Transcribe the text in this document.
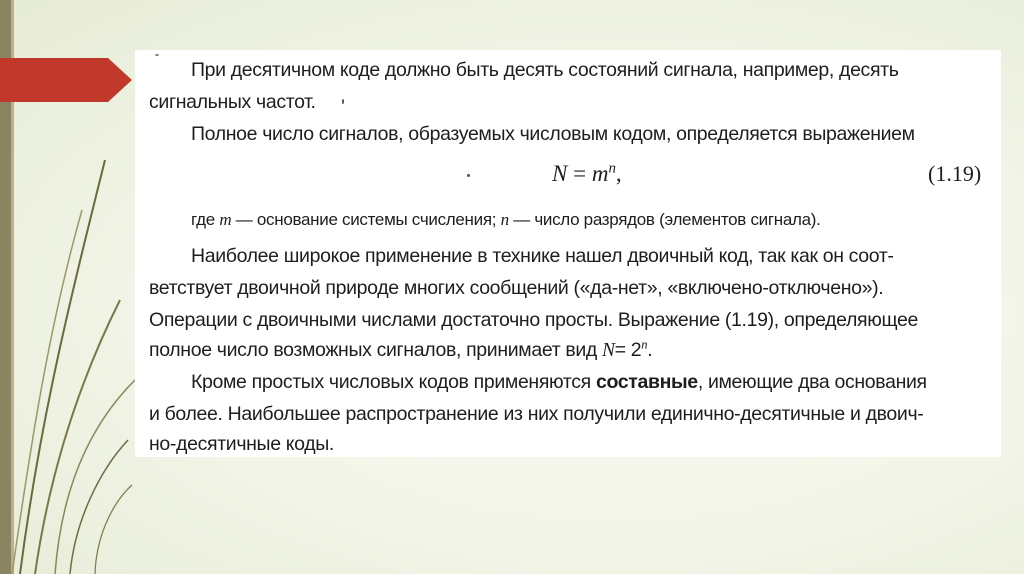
При десятичном коде должно быть десять состояний сигнала, например, десять
сигнальных частот.
Полное число сигналов, образуемых числовым кодом, определяется выражением
$N = m^n$,	(1.19)
где m — основание системы счисления; n — число разрядов (элементов сигнала).
Наиболее широкое применение в технике нашел двоичный код, так как он соот-
ветствует двоичной природе многих сообщений («да-нет», «включено-отключено»).
Операции с двоичными числами достаточно просты. Выражение (1.19), определяющее
полное число возможных сигналов, принимает вид $N= 2^n$.
Кроме простых числовых кодов применяются составные, имеющие два основания
и более. Наибольшее распространение из них получили единично-десятичные и двоич-
но-десятичные коды.
